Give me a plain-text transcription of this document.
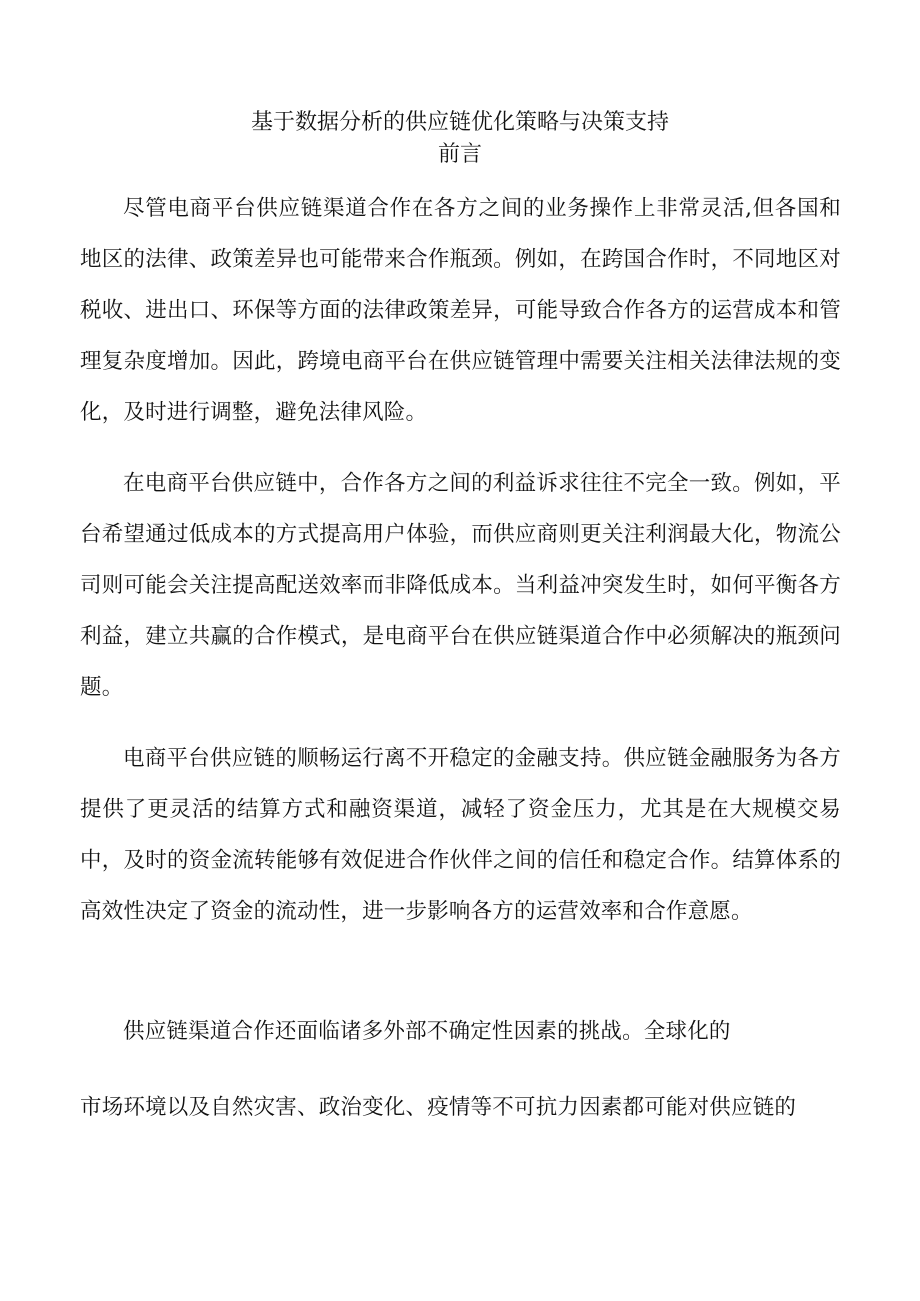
基于数据分析的供应链优化策略与决策支持
前言

尽管电商平台供应链渠道合作在各方之间的业务操作上非常灵活,但各国和地区的法律、政策差异也可能带来合作瓶颈。例如，在跨国合作时，不同地区对税收、进出口、环保等方面的法律政策差异，可能导致合作各方的运营成本和管理复杂度增加。因此，跨境电商平台在供应链管理中需要关注相关法律法规的变化，及时进行调整，避免法律风险。

在电商平台供应链中，合作各方之间的利益诉求往往不完全一致。例如，平台希望通过低成本的方式提高用户体验，而供应商则更关注利润最大化，物流公司则可能会关注提高配送效率而非降低成本。当利益冲突发生时，如何平衡各方利益，建立共赢的合作模式，是电商平台在供应链渠道合作中必须解决的瓶颈问题。

电商平台供应链的顺畅运行离不开稳定的金融支持。供应链金融服务为各方提供了更灵活的结算方式和融资渠道，减轻了资金压力，尤其是在大规模交易中，及时的资金流转能够有效促进合作伙伴之间的信任和稳定合作。结算体系的高效性决定了资金的流动性，进一步影响各方的运营效率和合作意愿。

供应链渠道合作还面临诸多外部不确定性因素的挑战。全球化的

市场环境以及自然灾害、政治变化、疫情等不可抗力因素都可能对供应链的
